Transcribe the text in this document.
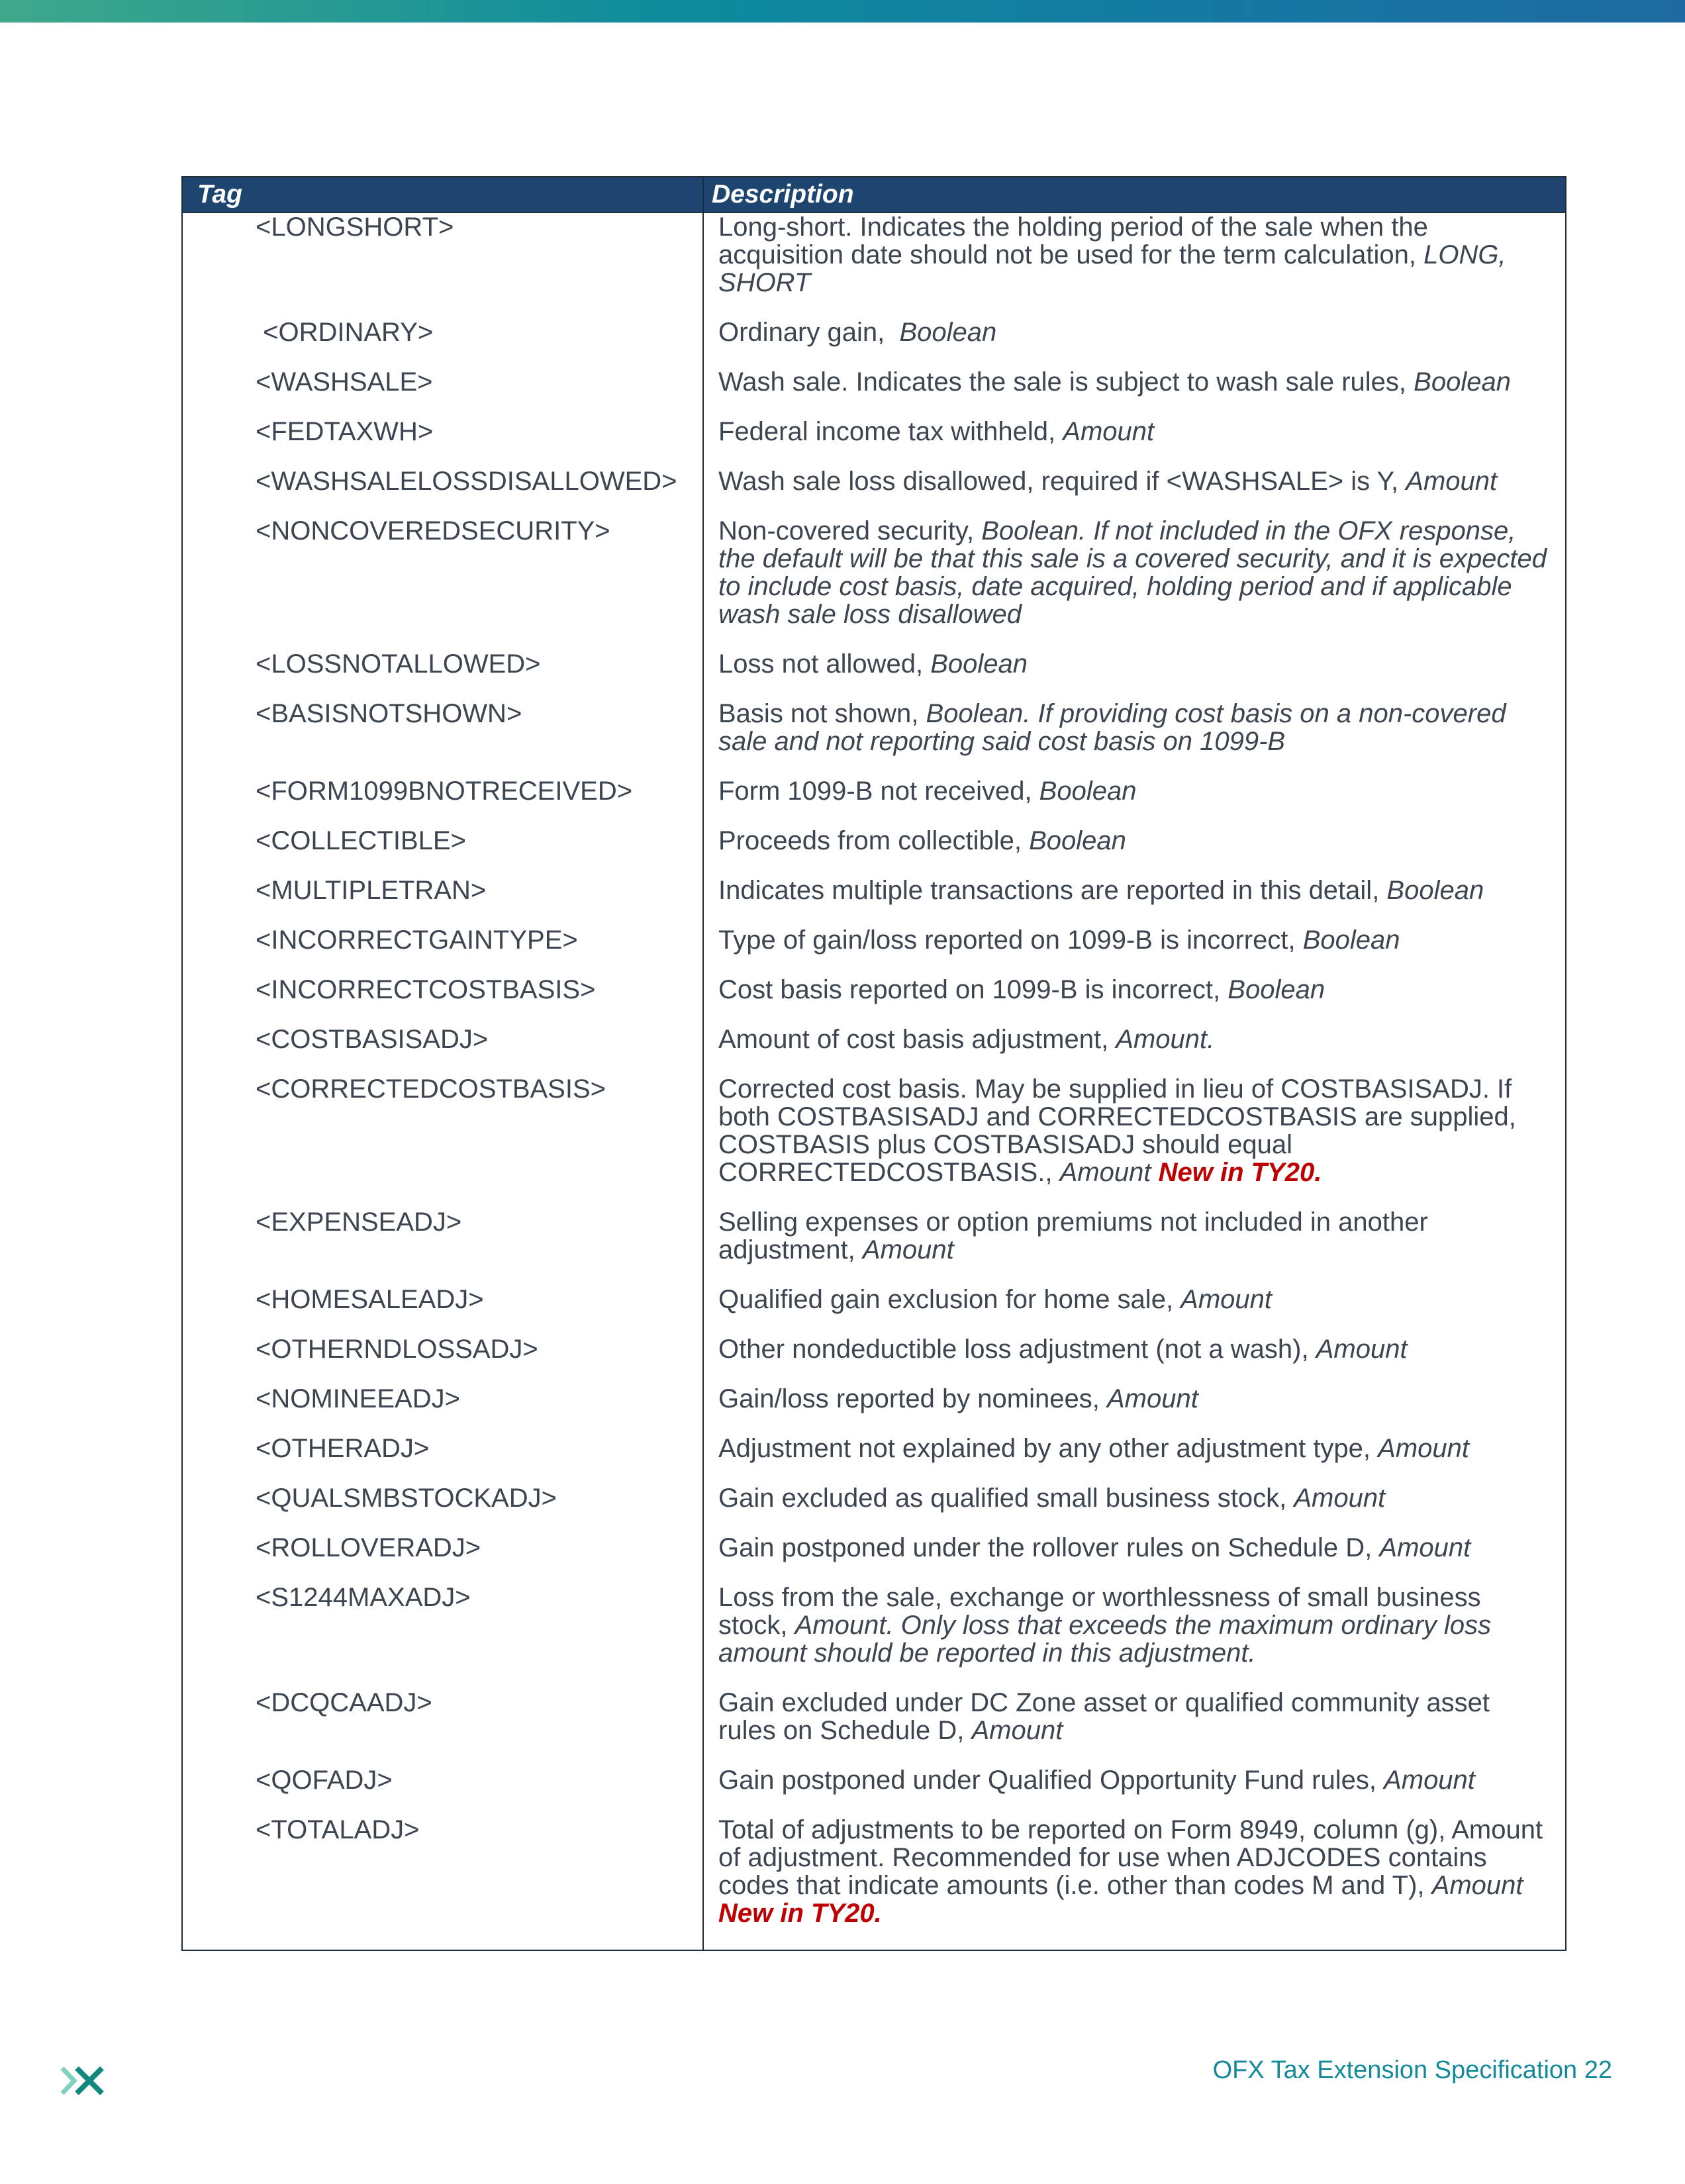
Tag	Description
<LONGSHORT>	Long-short. Indicates the holding period of the sale when the acquisition date should not be used for the term calculation, LONG, SHORT
<ORDINARY>	Ordinary gain,  Boolean
<WASHSALE>	Wash sale. Indicates the sale is subject to wash sale rules, Boolean
<FEDTAXWH>	Federal income tax withheld, Amount
<WASHSALELOSSDISALLOWED>	Wash sale loss disallowed, required if <WASHSALE> is Y, Amount
<NONCOVEREDSECURITY>	Non-covered security, Boolean. If not included in the OFX response, the default will be that this sale is a covered security, and it is expected to include cost basis, date acquired, holding period and if applicable wash sale loss disallowed
<LOSSNOTALLOWED>	Loss not allowed, Boolean
<BASISNOTSHOWN>	Basis not shown, Boolean. If providing cost basis on a non-covered sale and not reporting said cost basis on 1099-B
<FORM1099BNOTRECEIVED>	Form 1099-B not received, Boolean
<COLLECTIBLE>	Proceeds from collectible, Boolean
<MULTIPLETRAN>	Indicates multiple transactions are reported in this detail, Boolean
<INCORRECTGAINTYPE>	Type of gain/loss reported on 1099-B is incorrect, Boolean
<INCORRECTCOSTBASIS>	Cost basis reported on 1099-B is incorrect, Boolean
<COSTBASISADJ>	Amount of cost basis adjustment, Amount.
<CORRECTEDCOSTBASIS>	Corrected cost basis. May be supplied in lieu of COSTBASISADJ. If both COSTBASISADJ and CORRECTEDCOSTBASIS are supplied, COSTBASIS plus COSTBASISADJ should equal CORRECTEDCOSTBASIS., Amount New in TY20.
<EXPENSEADJ>	Selling expenses or option premiums not included in another adjustment, Amount
<HOMESALEADJ>	Qualified gain exclusion for home sale, Amount
<OTHERNDLOSSADJ>	Other nondeductible loss adjustment (not a wash), Amount
<NOMINEEADJ>	Gain/loss reported by nominees, Amount
<OTHERADJ>	Adjustment not explained by any other adjustment type, Amount
<QUALSMBSTOCKADJ>	Gain excluded as qualified small business stock, Amount
<ROLLOVERADJ>	Gain postponed under the rollover rules on Schedule D, Amount
<S1244MAXADJ>	Loss from the sale, exchange or worthlessness of small business stock, Amount. Only loss that exceeds the maximum ordinary loss amount should be reported in this adjustment.
<DCQCAADJ>	Gain excluded under DC Zone asset or qualified community asset rules on Schedule D, Amount
<QOFADJ>	Gain postponed under Qualified Opportunity Fund rules, Amount
<TOTALADJ>	Total of adjustments to be reported on Form 8949, column (g), Amount of adjustment. Recommended for use when ADJCODES contains codes that indicate amounts (i.e. other than codes M and T), Amount New in TY20.
OFX Tax Extension Specification 22
